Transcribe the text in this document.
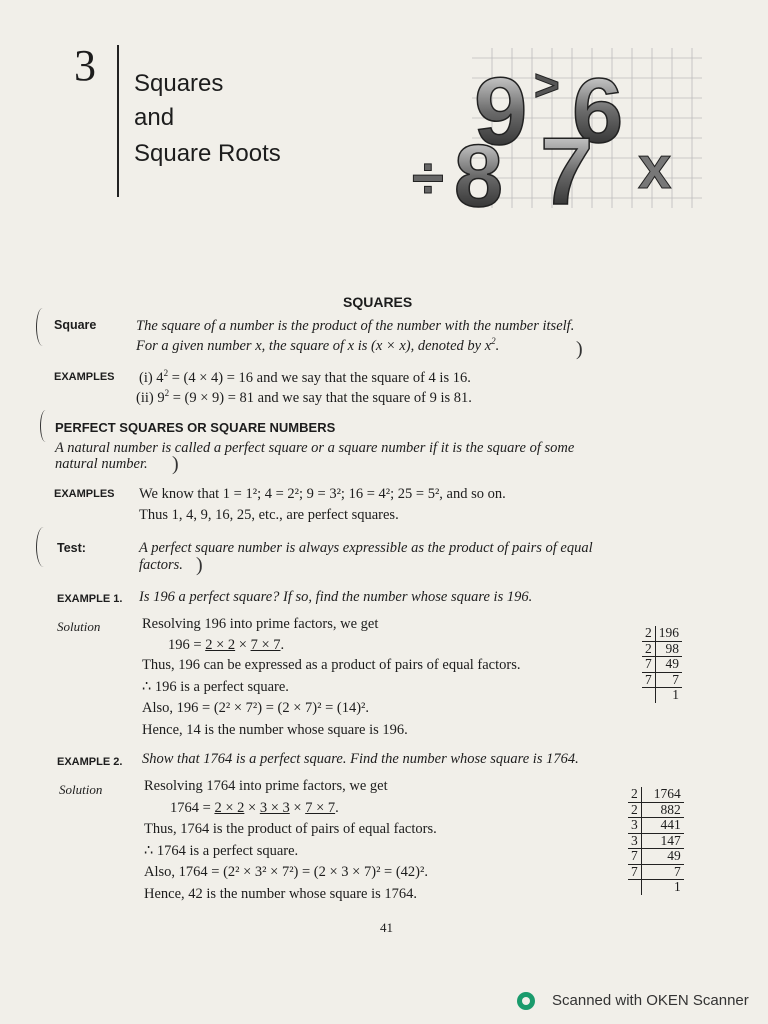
3 Squares
and
Square Roots 9 > 6
8 7 x
÷
SQUARES
Square	The square of a number is the product of the number with the number itself.
For a given number x, the square of x is (x × x), denoted by $x^2$.	)
EXAMPLES (i) $4^2 = (4 \times 4) = 16$ and we say that the square of 4 is 16.
(ii) $9^2 = (9 \times 9) = 81$ and we say that the square of 9 is 81.
PERFECT SQUARES OR SQUARE NUMBERS
A natural number is called a perfect square or a square number if it is the square of some
natural number. )
EXAMPLES We know that 1 = 1²; 4 = 2²; 9 = 3²; 16 = 4²; 25 = 5², and so on.
Thus 1, 4, 9, 16, 25, etc., are perfect squares.
Test:	A perfect square number is always expressible as the product of pairs of equal
factors. )
EXAMPLE 1. Is 196 a perfect square? If so, find the number whose square is 196.
Solution	Resolving 196 into prime factors, we get
196 = 2 × 2 × 7 × 7.
Thus, 196 can be expressed as a product of pairs of equal factors.
∴ 196 is a perfect square.
Also, 196 = (2² × 7²) = (2 × 7)² = (14)².
Hence, 14 is the number whose square is 196.
2	196
2	98
7	49
7	7
	1
EXAMPLE 2. Show that 1764 is a perfect square. Find the number whose square is 1764.
Solution	Resolving 1764 into prime factors, we get
1764 = 2 × 2 × 3 × 3 × 7 × 7.
Thus, 1764 is the product of pairs of equal factors.
∴ 1764 is a perfect square.
Also, 1764 = (2² × 3² × 7²) = (2 × 3 × 7)² = (42)².
Hence, 42 is the number whose square is 1764.
2	1764
2	882
3	441
3	147
7	49
7	7
	1
41
Scanned with OKEN Scanner
